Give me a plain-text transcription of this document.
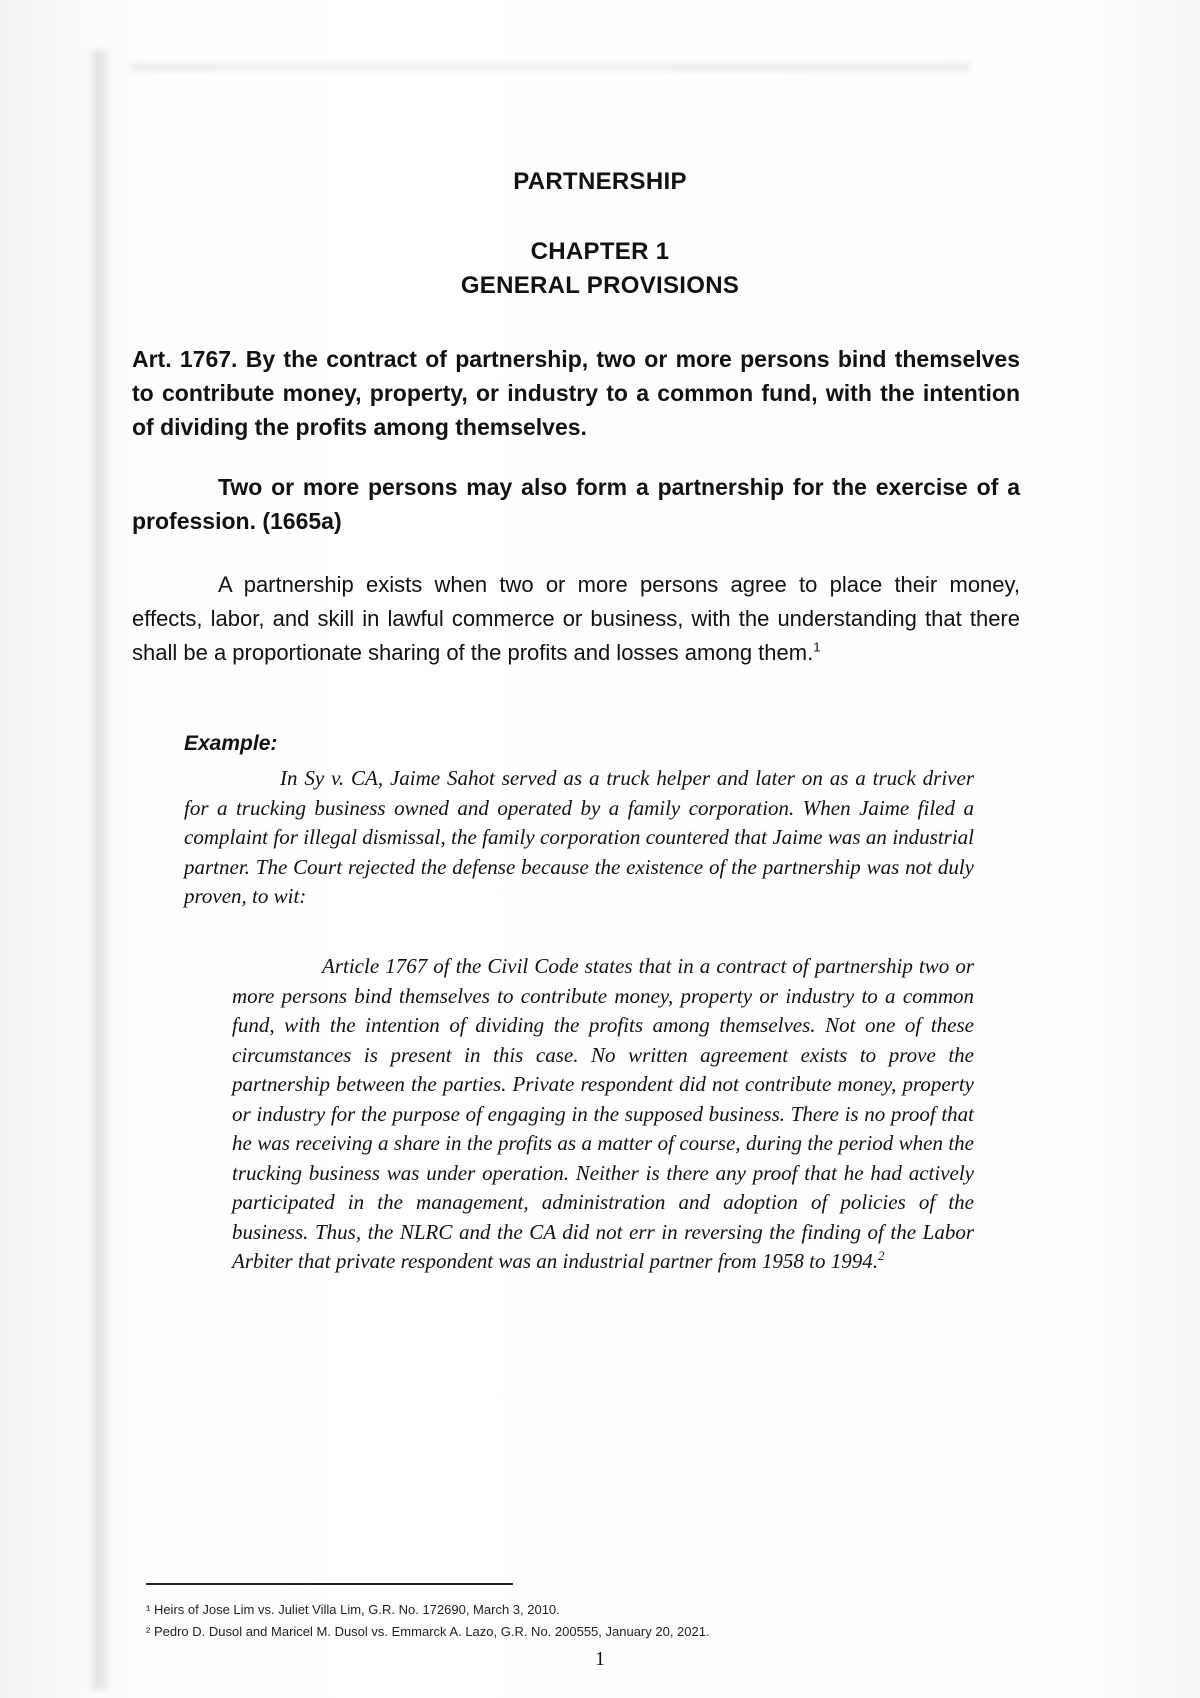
PARTNERSHIP
CHAPTER 1
GENERAL PROVISIONS
Art. 1767. By the contract of partnership, two or more persons bind themselves to contribute money, property, or industry to a common fund, with the intention of dividing the profits among themselves.
Two or more persons may also form a partnership for the exercise of a profession. (1665a)
A partnership exists when two or more persons agree to place their money, effects, labor, and skill in lawful commerce or business, with the understanding that there shall be a proportionate sharing of the profits and losses among them.$^1$
Example:
In Sy v. CA, Jaime Sahot served as a truck helper and later on as a truck driver for a trucking business owned and operated by a family corporation. When Jaime filed a complaint for illegal dismissal, the family corporation countered that Jaime was an industrial partner. The Court rejected the defense because the existence of the partnership was not duly proven, to wit:
Article 1767 of the Civil Code states that in a contract of partnership two or more persons bind themselves to contribute money, property or industry to a common fund, with the intention of dividing the profits among themselves. Not one of these circumstances is present in this case. No written agreement exists to prove the partnership between the parties. Private respondent did not contribute money, property or industry for the purpose of engaging in the supposed business. There is no proof that he was receiving a share in the profits as a matter of course, during the period when the trucking business was under operation. Neither is there any proof that he had actively participated in the management, administration and adoption of policies of the business. Thus, the NLRC and the CA did not err in reversing the finding of the Labor Arbiter that private respondent was an industrial partner from 1958 to 1994.$^2$
¹ Heirs of Jose Lim vs. Juliet Villa Lim, G.R. No. 172690, March 3, 2010.
² Pedro D. Dusol and Maricel M. Dusol vs. Emmarck A. Lazo, G.R. No. 200555, January 20, 2021.
1
